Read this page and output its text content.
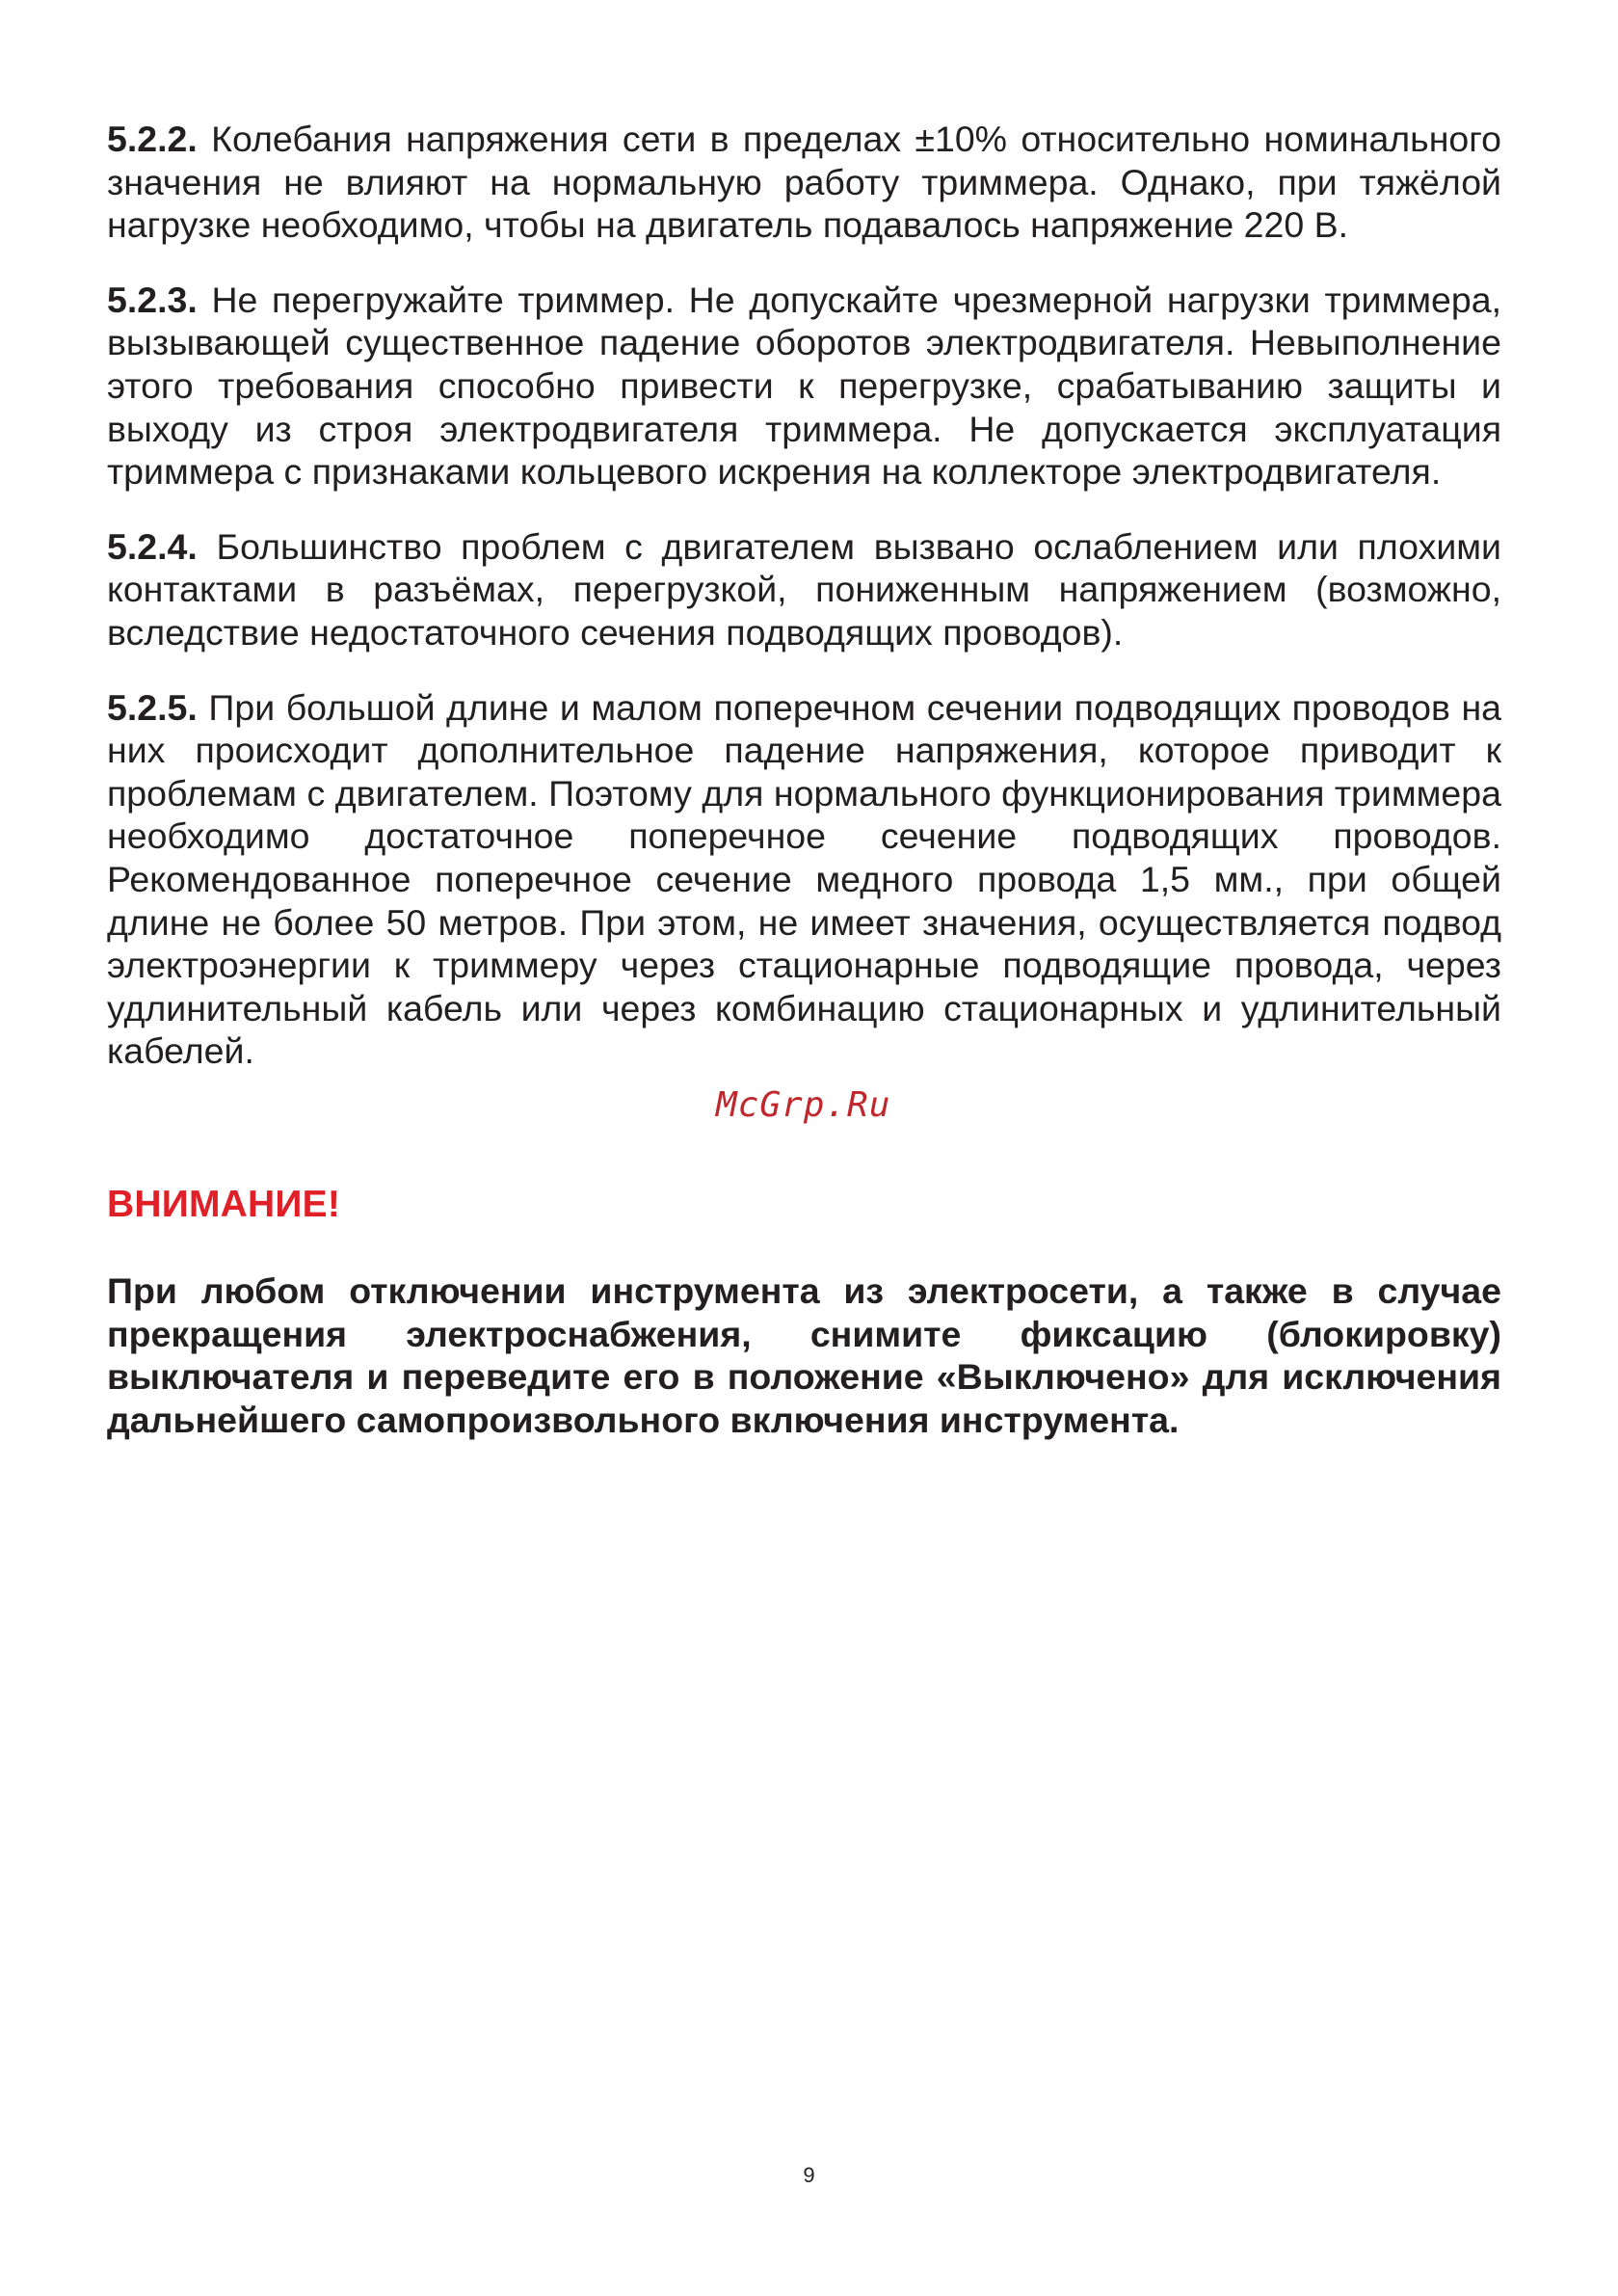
5.2.2. Колебания напряжения сети в пределах ±10% относительно номинального значения не влияют на нормальную работу триммера. Однако, при тяжёлой нагрузке необходимо, чтобы на двигатель подавалось напряжение 220 В.

5.2.3. Не перегружайте триммер. Не допускайте чрезмерной нагрузки триммера, вызывающей существенное падение оборотов электродвигателя. Невыполнение этого требования способно привести к перегрузке, срабатыванию защиты и выходу из строя электродвигателя триммера. Не допускается эксплуатация триммера с признаками кольцевого искрения на коллекторе электродвигателя.

5.2.4. Большинство проблем с двигателем вызвано ослаблением или плохими контактами в разъёмах, перегрузкой, пониженным напряжением (возможно, вследствие недостаточного сечения подводящих проводов).

5.2.5. При большой длине и малом поперечном сечении подводящих проводов на них происходит дополнительное падение напряжения, которое приводит к проблемам с двигателем. Поэтому для нормального функционирования триммера необходимо достаточное поперечное сечение подводящих проводов. Рекомендованное поперечное сечение медного провода 1,5 мм., при общей длине не более 50 метров. При этом, не имеет значения, осуществляется подвод электроэнергии к триммеру через стационарные подводящие провода, через удлинительный кабель или через комбинацию стационарных и удлинительный кабелей.

McGrp.Ru
ВНИМАНИЕ!
При любом отключении инструмента из электросети, а также в случае прекращения электроснабжения, снимите фиксацию (блокировку) выключателя и переведите его в положение «Выключено» для исключения дальнейшего самопроизвольного включения инструмента.
9
